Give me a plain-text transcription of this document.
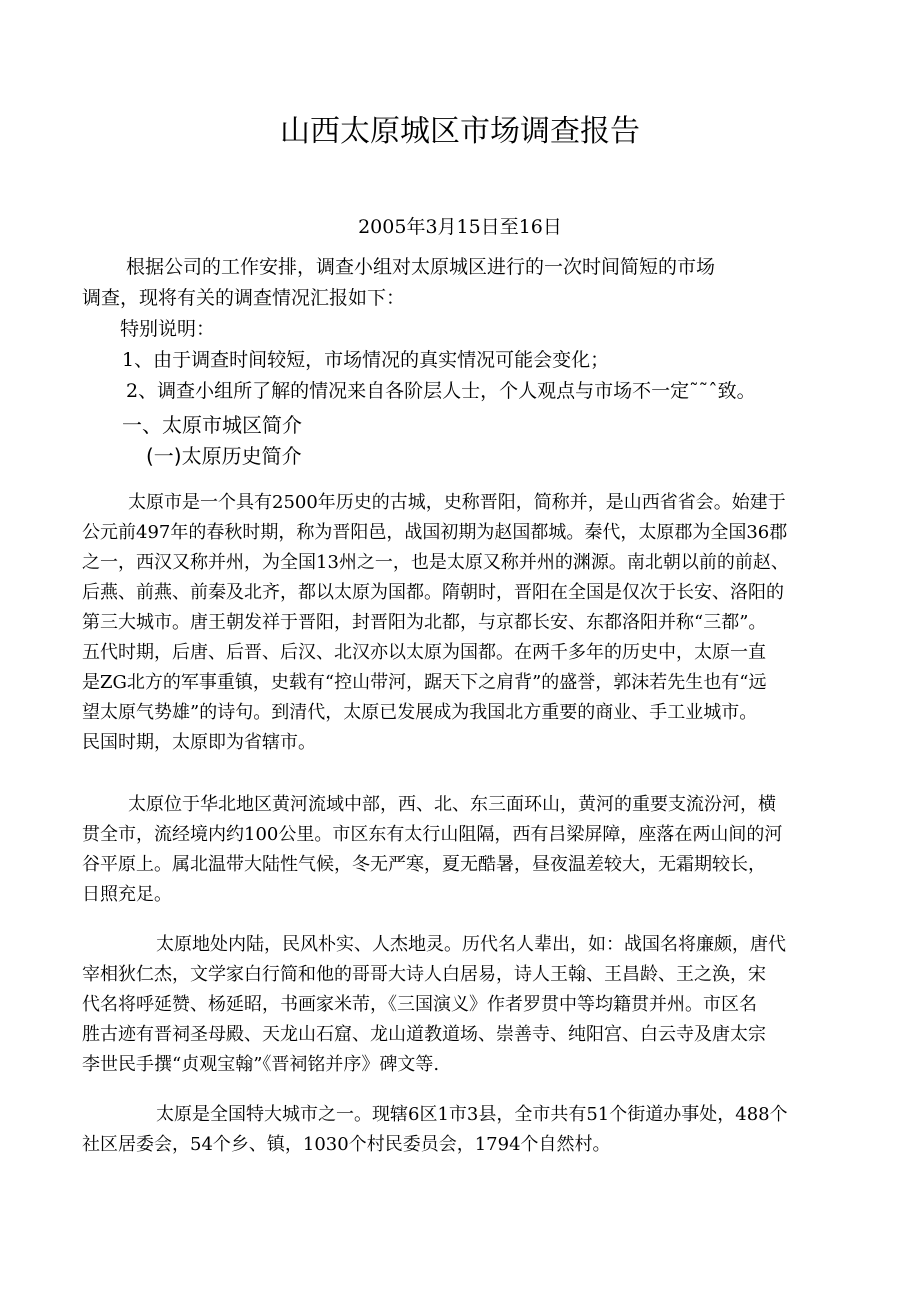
山西太原城区市场调查报告
2005年3月15日至16日
根据公司的工作安排，调查小组对太原城区进行的一次时间简短的市场
调查，现将有关的调查情况汇报如下：
特别说明：
1、由于调查时间较短，市场情况的真实情况可能会变化；
2、调查小组所了解的情况来自各阶层人士，个人观点与市场不一定˜˜ˆ致。
一、太原市城区简介
(一)太原历史简介
太原市是一个具有2500年历史的古城，史称晋阳，简称并，是山西省省会。始建于
公元前497年的春秋时期，称为晋阳邑，战国初期为赵国都城。秦代，太原郡为全国36郡
之一，西汉又称并州，为全国13州之一，也是太原又称并州的渊源。南北朝以前的前赵、
后燕、前燕、前秦及北齐，都以太原为国都。隋朝时，晋阳在全国是仅次于长安、洛阳的
第三大城市。唐王朝发祥于晋阳，封晋阳为北都，与京都长安、东都洛阳并称“三都”。
五代时期，后唐、后晋、后汉、北汉亦以太原为国都。在两千多年的历史中，太原一直
是ZG北方的军事重镇，史载有“控山带河，踞天下之肩背”的盛誉，郭沫若先生也有“远
望太原气势雄”的诗句。到清代，太原已发展成为我国北方重要的商业、手工业城市。
民国时期，太原即为省辖市。
太原位于华北地区黄河流域中部，西、北、东三面环山，黄河的重要支流汾河，横
贯全市，流经境内约100公里。市区东有太行山阻隔，西有吕梁屏障，座落在两山间的河
谷平原上。属北温带大陆性气候，冬无严寒，夏无酷暑，昼夜温差较大，无霜期较长，
日照充足。
太原地处内陆，民风朴实、人杰地灵。历代名人辈出，如：战国名将廉颇，唐代
宰相狄仁杰，文学家白行简和他的哥哥大诗人白居易，诗人王翰、王昌龄、王之涣，宋
代名将呼延赞、杨延昭，书画家米芾，《三国演义》作者罗贯中等均籍贯并州。市区名
胜古迹有晋祠圣母殿、天龙山石窟、龙山道教道场、崇善寺、纯阳宫、白云寺及唐太宗
李世民手撰“贞观宝翰”《晋祠铭并序》碑文等.
太原是全国特大城市之一。现辖6区1市3县，全市共有51个街道办事处，488个
社区居委会，54个乡、镇，1030个村民委员会，1794个自然村。
